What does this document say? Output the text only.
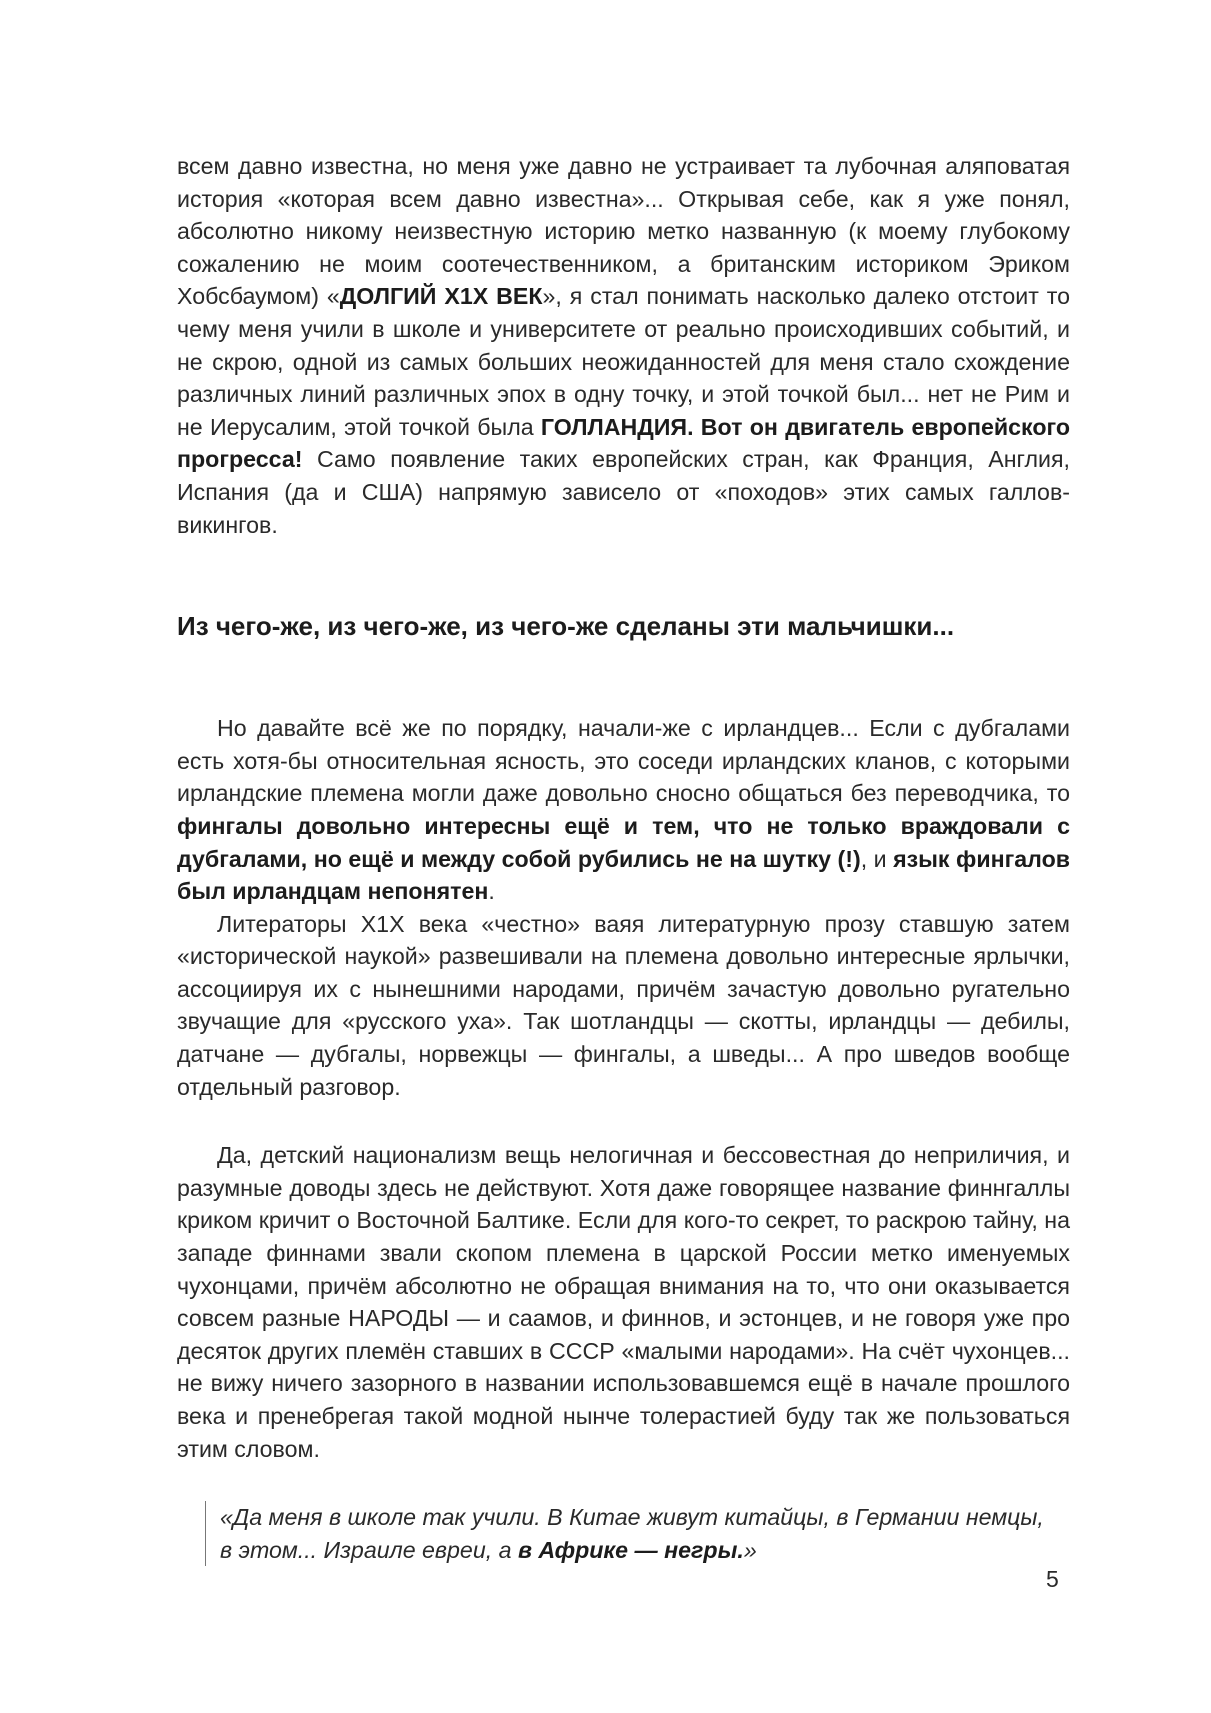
всем давно известна, но меня уже давно не устраивает та лубочная аляповатая история «которая всем давно известна»... Открывая себе, как я уже понял, абсолютно никому неизвестную историю метко названную (к моему глубокому сожалению не моим соотечественником, а британским историком Эриком Хобсбаумом) «ДОЛГИЙ Х1Х ВЕК», я стал понимать насколько далеко отстоит то чему меня учили в школе и университете от реально происходивших событий, и не скрою, одной из самых больших неожиданностей для меня стало схождение различных линий различных эпох в одну точку, и этой точкой был... нет не Рим и не Иерусалим, этой точкой была ГОЛЛАНДИЯ. Вот он двигатель европейского прогресса! Само появление таких европейских стран, как Франция, Англия, Испания (да и США) напрямую зависело от «походов» этих самых галлов-викингов.

Из чего-же, из чего-же, из чего-же сделаны эти мальчишки...

Но давайте всё же по порядку, начали-же с ирландцев... Если с дубгалами есть хотя-бы относительная ясность, это соседи ирландских кланов, с которыми ирландские племена могли даже довольно сносно общаться без переводчика, то фингалы довольно интересны ещё и тем, что не только враждовали с дубгалами, но ещё и между собой рубились не на шутку (!), и язык фингалов был ирландцам непонятен.

Литераторы Х1Х века «честно» ваяя литературную прозу ставшую затем «исторической наукой» развешивали на племена довольно интересные ярлычки, ассоциируя их с нынешними народами, причём зачастую довольно ругательно звучащие для «русского уха». Так шотландцы — скотты, ирландцы — дебилы, датчане — дубгалы, норвежцы — фингалы, а шведы... А про шведов вообще отдельный разговор.

Да, детский национализм вещь нелогичная и бессовестная до неприличия, и разумные доводы здесь не действуют. Хотя даже говорящее название финнгаллы криком кричит о Восточной Балтике. Если для кого-то секрет, то раскрою тайну, на западе финнами звали скопом племена в царской России метко именуемых чухонцами, причём абсолютно не обращая внимания на то, что они оказывается совсем разные НАРОДЫ — и саамов, и финнов, и эстонцев, и не говоря уже про десяток других племён ставших в СССР «малыми народами». На счёт чухонцев... не вижу ничего зазорного в названии использовавшемся ещё в начале прошлого века и пренебрегая такой модной нынче толерастией буду так же пользоваться этим словом.

«Да меня в школе так учили. В Китае живут китайцы, в Германии немцы,
в этом... Израиле евреи, а в Африке — негры.»
5
